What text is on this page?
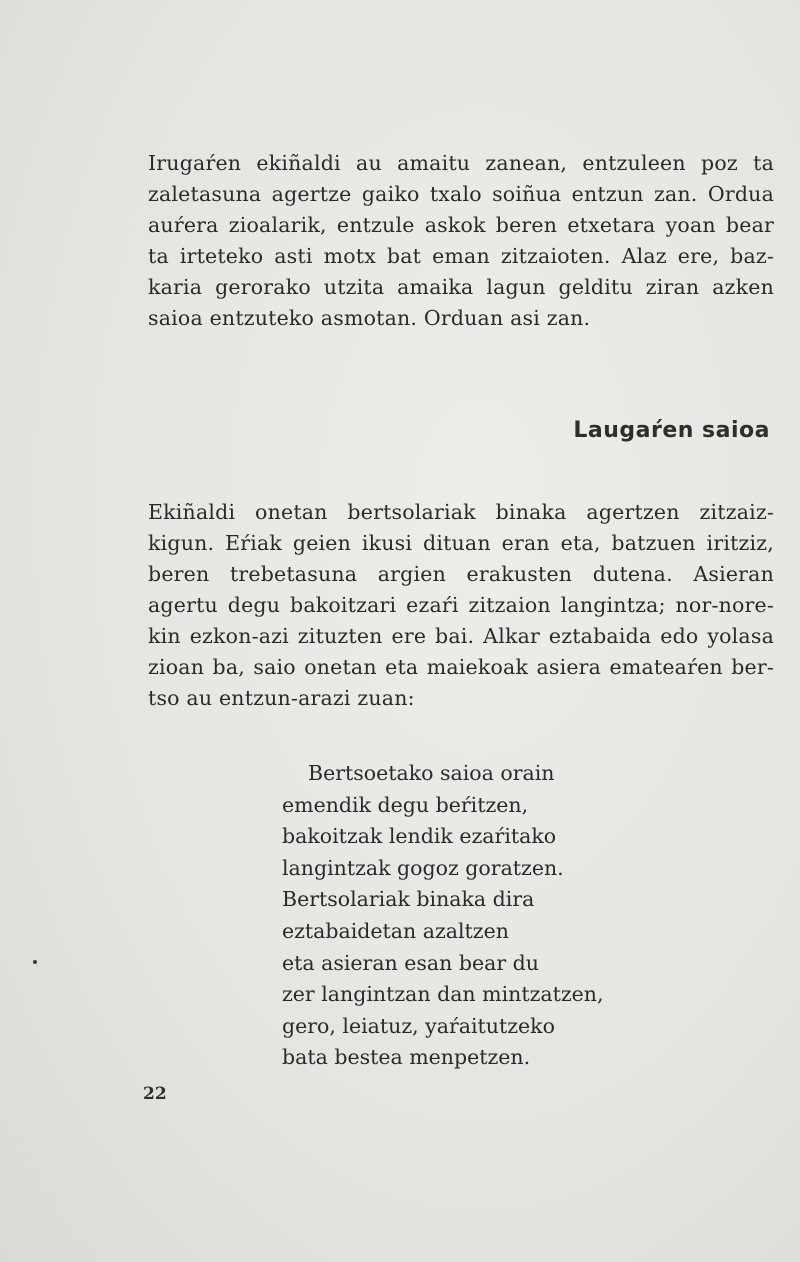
Irugaŕen ekiñaldi au amaitu zanean, entzuleen poz ta
zaletasuna agertze gaiko txalo soiñua entzun zan. Ordua
auŕera zioalarik, entzule askok beren etxetara yoan bear
ta irteteko asti motx bat eman zitzaioten. Alaz ere, baz-
karia gerorako utzita amaika lagun gelditu ziran azken
saioa entzuteko asmotan. Orduan asi zan.

Laugaŕen saioa

Ekiñaldi onetan bertsolariak binaka agertzen zitzaiz-
kigun. Eŕiak geien ikusi dituan eran eta, batzuen iritziz,
beren trebetasuna argien erakusten dutena. Asieran
agertu degu bakoitzari ezaŕi zitzaion langintza; nor-nore-
kin ezkon-azi zituzten ere bai. Alkar eztabaida edo yolasa
zioan ba, saio onetan eta maiekoak asiera emateaŕen ber-
tso au entzun-arazi zuan:

Bertsoetako saioa orain
emendik degu beŕitzen,
bakoitzak lendik ezaŕitako
langintzak gogoz goratzen.
Bertsolariak binaka dira
eztabaidetan azaltzen
eta asieran esan bear du
zer langintzan dan mintzatzen,
gero, leiatuz, yaŕaitutzeko
bata bestea menpetzen.
22
